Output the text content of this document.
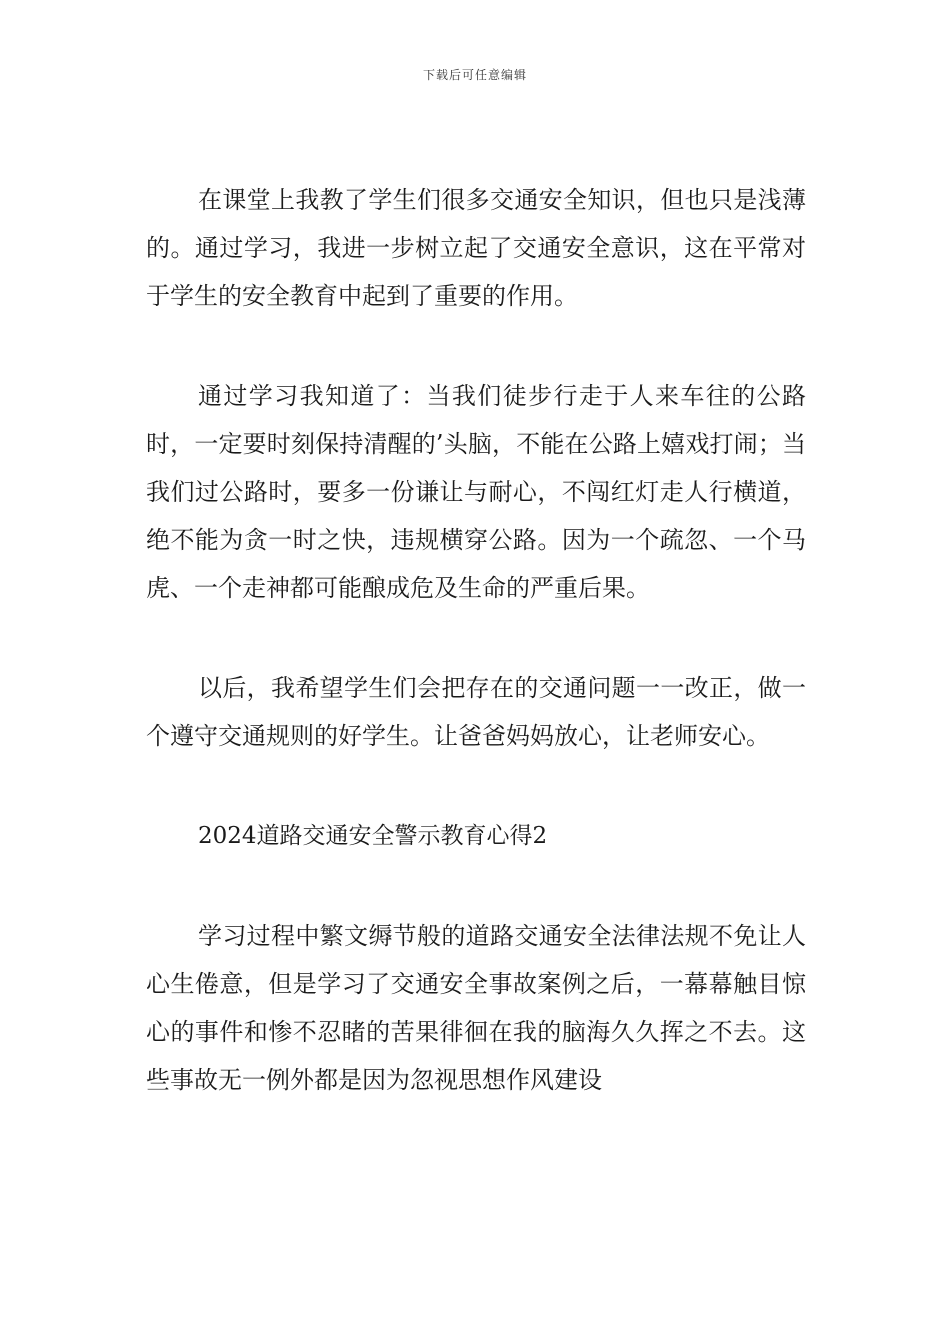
下载后可任意编辑

在课堂上我教了学生们很多交通安全知识，但也只是浅薄的。通过学习，我进一步树立起了交通安全意识，这在平常对于学生的安全教育中起到了重要的作用。

通过学习我知道了：当我们徒步行走于人来车往的公路时，一定要时刻保持清醒的’头脑，不能在公路上嬉戏打闹；当我们过公路时，要多一份谦让与耐心，不闯红灯走人行横道，绝不能为贪一时之快，违规横穿公路。因为一个疏忽、一个马虎、一个走神都可能酿成危及生命的严重后果。

以后，我希望学生们会把存在的交通问题一一改正，做一个遵守交通规则的好学生。让爸爸妈妈放心，让老师安心。

2024道路交通安全警示教育心得2

学习过程中繁文缛节般的道路交通安全法律法规不免让人心生倦意，但是学习了交通安全事故案例之后，一幕幕触目惊心的事件和惨不忍睹的苦果徘徊在我的脑海久久挥之不去。这些事故无一例外都是因为忽视思想作风建设
